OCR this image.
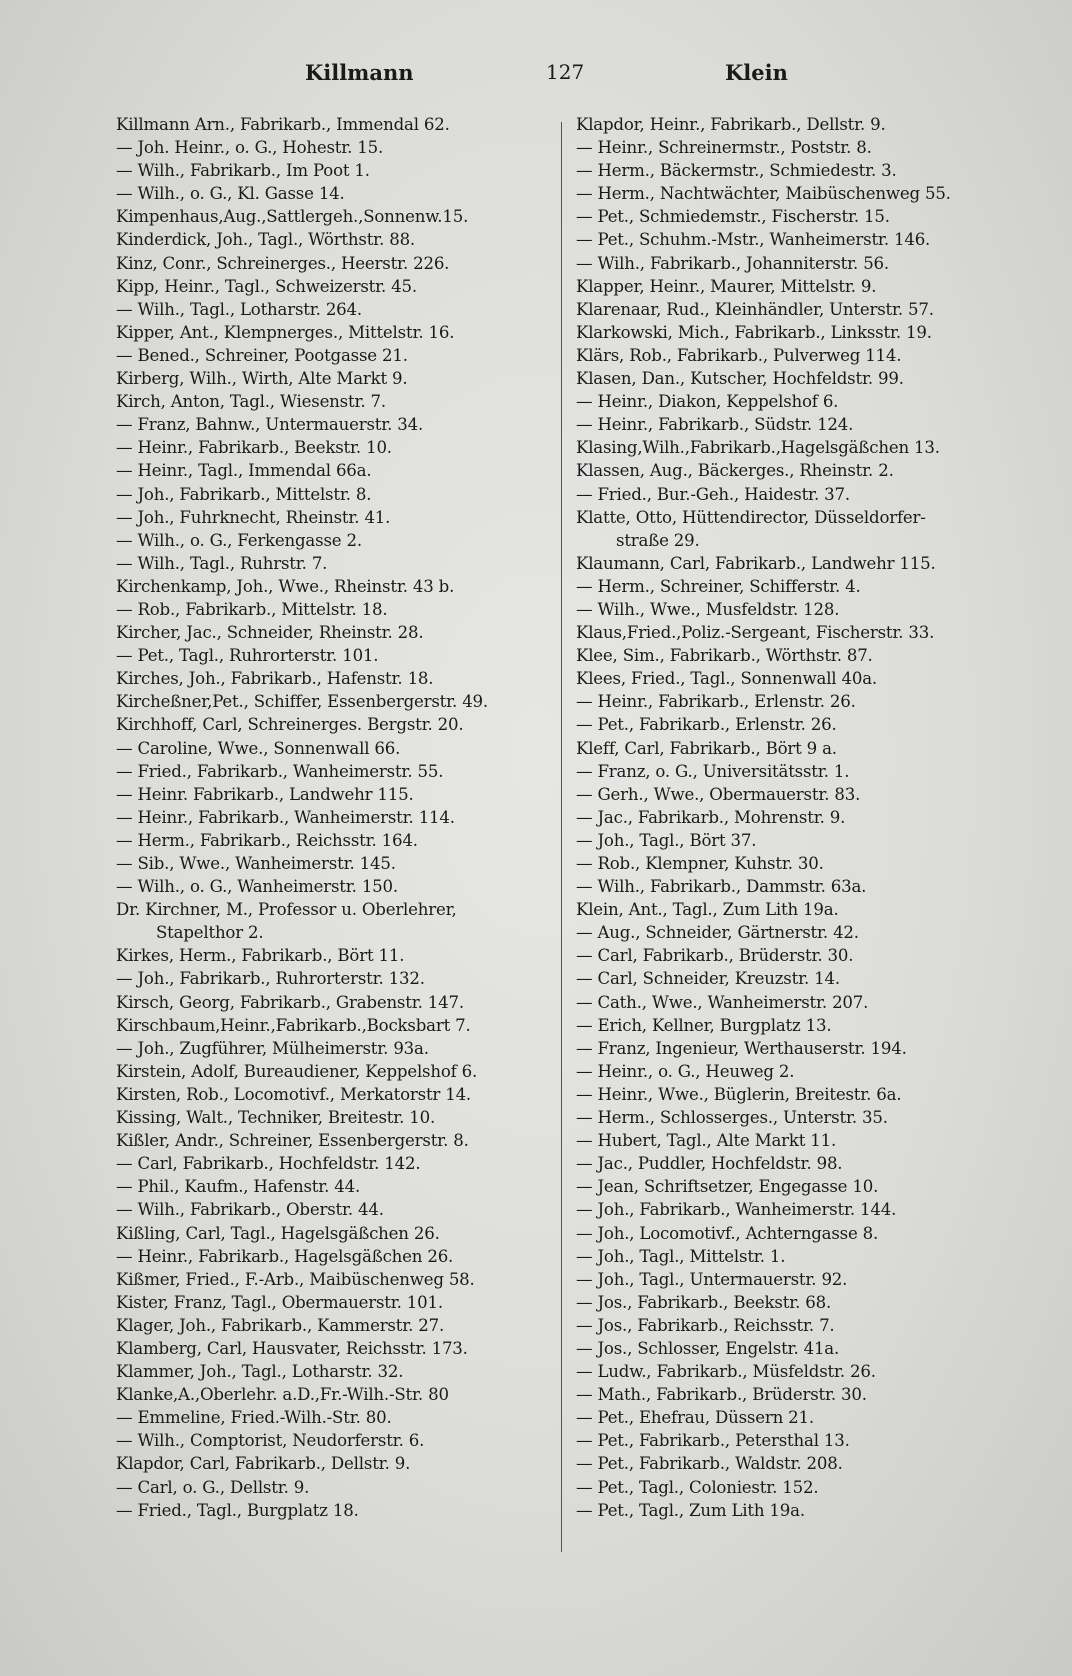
Killmann	127	Klein
Killmann Arn., Fabrikarb., Immendal 62.
— Joh. Heinr., o. G., Hohestr. 15.
— Wilh., Fabrikarb., Im Poot 1.
— Wilh., o. G., Kl. Gasse 14.
Kimpenhaus,Aug.,Sattlergeh.,Sonnenw.15.
Kinderdick, Joh., Tagl., Wörthstr. 88.
Kinz, Conr., Schreinerges., Heerstr. 226.
Kipp, Heinr., Tagl., Schweizerstr. 45.
— Wilh., Tagl., Lotharstr. 264.
Kipper, Ant., Klempnerges., Mittelstr. 16.
— Bened., Schreiner, Pootgasse 21.
Kirberg, Wilh., Wirth, Alte Markt 9.
Kirch, Anton, Tagl., Wiesenstr. 7.
— Franz, Bahnw., Untermauerstr. 34.
— Heinr., Fabrikarb., Beekstr. 10.
— Heinr., Tagl., Immendal 66a.
— Joh., Fabrikarb., Mittelstr. 8.
— Joh., Fuhrknecht, Rheinstr. 41.
— Wilh., o. G., Ferkengasse 2.
— Wilh., Tagl., Ruhrstr. 7.
Kirchenkamp, Joh., Wwe., Rheinstr. 43 b.
— Rob., Fabrikarb., Mittelstr. 18.
Kircher, Jac., Schneider, Rheinstr. 28.
— Pet., Tagl., Ruhrorterstr. 101.
Kirches, Joh., Fabrikarb., Hafenstr. 18.
Kircheßner,Pet., Schiffer, Essenbergerstr. 49.
Kirchhoff, Carl, Schreinerges. Bergstr. 20.
— Caroline, Wwe., Sonnenwall 66.
— Fried., Fabrikarb., Wanheimerstr. 55.
— Heinr. Fabrikarb., Landwehr 115.
— Heinr., Fabrikarb., Wanheimerstr. 114.
— Herm., Fabrikarb., Reichsstr. 164.
— Sib., Wwe., Wanheimerstr. 145.
— Wilh., o. G., Wanheimerstr. 150.
Dr. Kirchner, M., Professor u. Oberlehrer,
Stapelthor 2.
Kirkes, Herm., Fabrikarb., Bört 11.
— Joh., Fabrikarb., Ruhrorterstr. 132.
Kirsch, Georg, Fabrikarb., Grabenstr. 147.
Kirschbaum,Heinr.,Fabrikarb.,Bocksbart 7.
— Joh., Zugführer, Mülheimerstr. 93a.
Kirstein, Adolf, Bureaudiener, Keppelshof 6.
Kirsten, Rob., Locomotivf., Merkatorstr 14.
Kissing, Walt., Techniker, Breitestr. 10.
Kißler, Andr., Schreiner, Essenbergerstr. 8.
— Carl, Fabrikarb., Hochfeldstr. 142.
— Phil., Kaufm., Hafenstr. 44.
— Wilh., Fabrikarb., Oberstr. 44.
Kißling, Carl, Tagl., Hagelsgäßchen 26.
— Heinr., Fabrikarb., Hagelsgäßchen 26.
Kißmer, Fried., F.-Arb., Maibüschenweg 58.
Kister, Franz, Tagl., Obermauerstr. 101.
Klager, Joh., Fabrikarb., Kammerstr. 27.
Klamberg, Carl, Hausvater, Reichsstr. 173.
Klammer, Joh., Tagl., Lotharstr. 32.
Klanke,A.,Oberlehr. a.D.,Fr.-Wilh.-Str. 80
— Emmeline, Fried.-Wilh.-Str. 80.
— Wilh., Comptorist, Neudorferstr. 6.
Klapdor, Carl, Fabrikarb., Dellstr. 9.
— Carl, o. G., Dellstr. 9.
— Fried., Tagl., Burgplatz 18.
Klapdor, Heinr., Fabrikarb., Dellstr. 9.
— Heinr., Schreinermstr., Poststr. 8.
— Herm., Bäckermstr., Schmiedestr. 3.
— Herm., Nachtwächter, Maibüschenweg 55.
— Pet., Schmiedemstr., Fischerstr. 15.
— Pet., Schuhm.-Mstr., Wanheimerstr. 146.
— Wilh., Fabrikarb., Johanniterstr. 56.
Klapper, Heinr., Maurer, Mittelstr. 9.
Klarenaar, Rud., Kleinhändler, Unterstr. 57.
Klarkowski, Mich., Fabrikarb., Linksstr. 19.
Klärs, Rob., Fabrikarb., Pulverweg 114.
Klasen, Dan., Kutscher, Hochfeldstr. 99.
— Heinr., Diakon, Keppelshof 6.
— Heinr., Fabrikarb., Südstr. 124.
Klasing,Wilh.,Fabrikarb.,Hagelsgäßchen 13.
Klassen, Aug., Bäckerges., Rheinstr. 2.
— Fried., Bur.-Geh., Haidestr. 37.
Klatte, Otto, Hüttendirector, Düsseldorfer-
straße 29.
Klaumann, Carl, Fabrikarb., Landwehr 115.
— Herm., Schreiner, Schifferstr. 4.
— Wilh., Wwe., Musfeldstr. 128.
Klaus,Fried.,Poliz.-Sergeant, Fischerstr. 33.
Klee, Sim., Fabrikarb., Wörthstr. 87.
Klees, Fried., Tagl., Sonnenwall 40a.
— Heinr., Fabrikarb., Erlenstr. 26.
— Pet., Fabrikarb., Erlenstr. 26.
Kleff, Carl, Fabrikarb., Bört 9 a.
— Franz, o. G., Universitätsstr. 1.
— Gerh., Wwe., Obermauerstr. 83.
— Jac., Fabrikarb., Mohrenstr. 9.
— Joh., Tagl., Bört 37.
— Rob., Klempner, Kuhstr. 30.
— Wilh., Fabrikarb., Dammstr. 63a.
Klein, Ant., Tagl., Zum Lith 19a.
— Aug., Schneider, Gärtnerstr. 42.
— Carl, Fabrikarb., Brüderstr. 30.
— Carl, Schneider, Kreuzstr. 14.
— Cath., Wwe., Wanheimerstr. 207.
— Erich, Kellner, Burgplatz 13.
— Franz, Ingenieur, Werthauserstr. 194.
— Heinr., o. G., Heuweg 2.
— Heinr., Wwe., Büglerin, Breitestr. 6a.
— Herm., Schlosserges., Unterstr. 35.
— Hubert, Tagl., Alte Markt 11.
— Jac., Puddler, Hochfeldstr. 98.
— Jean, Schriftsetzer, Engegasse 10.
— Joh., Fabrikarb., Wanheimerstr. 144.
— Joh., Locomotivf., Achterngasse 8.
— Joh., Tagl., Mittelstr. 1.
— Joh., Tagl., Untermauerstr. 92.
— Jos., Fabrikarb., Beekstr. 68.
— Jos., Fabrikarb., Reichsstr. 7.
— Jos., Schlosser, Engelstr. 41a.
— Ludw., Fabrikarb., Müsfeldstr. 26.
— Math., Fabrikarb., Brüderstr. 30.
— Pet., Ehefrau, Düssern 21.
— Pet., Fabrikarb., Petersthal 13.
— Pet., Fabrikarb., Waldstr. 208.
— Pet., Tagl., Coloniestr. 152.
— Pet., Tagl., Zum Lith 19a.
